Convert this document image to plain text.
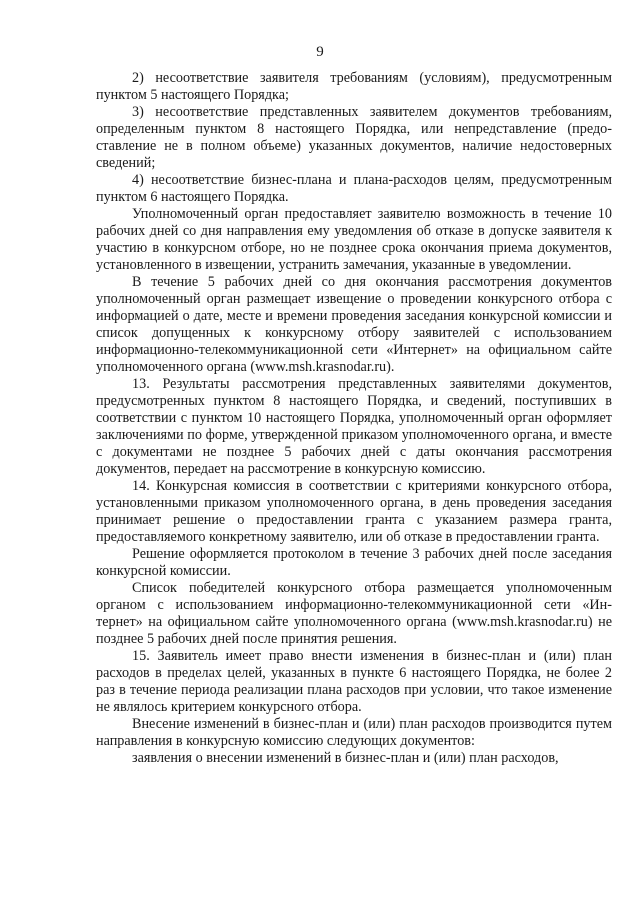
9

2) несоответствие заявителя требованиям (условиям), предусмотренным пунктом 5 настоящего Порядка;

3) несоответствие представленных заявителем документов требованиям, определенным пунктом 8 настоящего Порядка, или непредставление (предоставление не в полном объеме) указанных документов, наличие недостоверных сведений;

4) несоответствие бизнес-плана и плана-расходов целям, предусмотренным пунктом 6 настоящего Порядка.

Уполномоченный орган предоставляет заявителю возможность в течение 10 рабочих дней со дня направления ему уведомления об отказе в допуске заявителя к участию в конкурсном отборе, но не позднее срока окончания приема документов, установленного в извещении, устранить замечания, указанные в уведомлении.

В течение 5 рабочих дней со дня окончания рассмотрения документов уполномоченный орган размещает извещение о проведении конкурсного отбора с информацией о дате, месте и времени проведения заседания конкурсной комиссии и список допущенных к конкурсному отбору заявителей с использованием информационно-телекоммуникационной сети «Интернет» на официальном сайте уполномоченного органа (www.msh.krasnodar.ru).

13. Результаты рассмотрения представленных заявителями документов, предусмотренных пунктом 8 настоящего Порядка, и сведений, поступивших в соответствии с пунктом 10 настоящего Порядка, уполномоченный орган оформляет заключениями по форме, утвержденной приказом уполномоченного органа, и вместе с документами не позднее 5 рабочих дней с даты окончания рассмотрения документов, передает на рассмотрение в конкурсную комиссию.

14. Конкурсная комиссия в соответствии с критериями конкурсного отбора, установленными приказом уполномоченного органа, в день проведения заседания принимает решение о предоставлении гранта с указанием размера гранта, предоставляемого конкретному заявителю, или об отказе в предоставлении гранта.

Решение оформляется протоколом в течение 3 рабочих дней после заседания конкурсной комиссии.

Список победителей конкурсного отбора размещается уполномоченным органом с использованием информационно-телекоммуникационной сети «Интернет» на официальном сайте уполномоченного органа (www.msh.krasnodar.ru) не позднее 5 рабочих дней после принятия решения.

15. Заявитель имеет право внести изменения в бизнес-план и (или) план расходов в пределах целей, указанных в пункте 6 настоящего Порядка, не более 2 раз в течение периода реализации плана расходов при условии, что такое изменение не являлось критерием конкурсного отбора.

Внесение изменений в бизнес-план и (или) план расходов производится путем направления в конкурсную комиссию следующих документов:

заявления о внесении изменений в бизнес-план и (или) план расходов,
